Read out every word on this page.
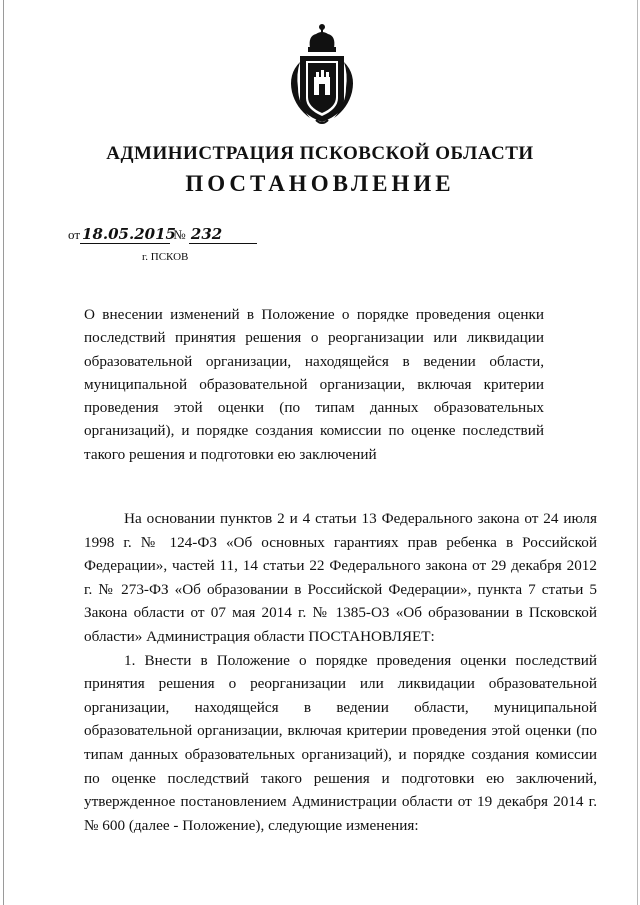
АДМИНИСТРАЦИЯ ПСКОВСКОЙ ОБЛАСТИ
ПОСТАНОВЛЕНИЕ
от 18.05.2015 № 232
г. ПСКОВ

О внесении изменений в Положение о порядке проведения оценки последствий принятия решения о реорганизации или ликвидации образовательной организации, находящейся в ведении области, муниципальной образовательной организации, включая критерии проведения этой оценки (по типам данных образовательных организаций), и порядке создания комиссии по оценке последствий такого решения и подготовки ею заключений

На основании пунктов 2 и 4 статьи 13 Федерального закона от 24 июля 1998 г. № 124-ФЗ «Об основных гарантиях прав ребенка в Российской Федерации», частей 11, 14 статьи 22 Федерального закона от 29 декабря 2012 г. № 273-ФЗ «Об образовании в Российской Федерации», пункта 7 статьи 5 Закона области от 07 мая 2014 г. № 1385-ОЗ «Об образовании в Псковской области» Администрация области ПОСТАНОВЛЯЕТ:

1. Внести в Положение о порядке проведения оценки последствий принятия решения о реорганизации или ликвидации образовательной организации, находящейся в ведении области, муниципальной образовательной организации, включая критерии проведения этой оценки (по типам данных образовательных организаций), и порядке создания комиссии по оценке последствий такого решения и подготовки ею заключений, утвержденное постановлением Администрации области от 19 декабря 2014 г. № 600 (далее - Положение), следующие изменения:
